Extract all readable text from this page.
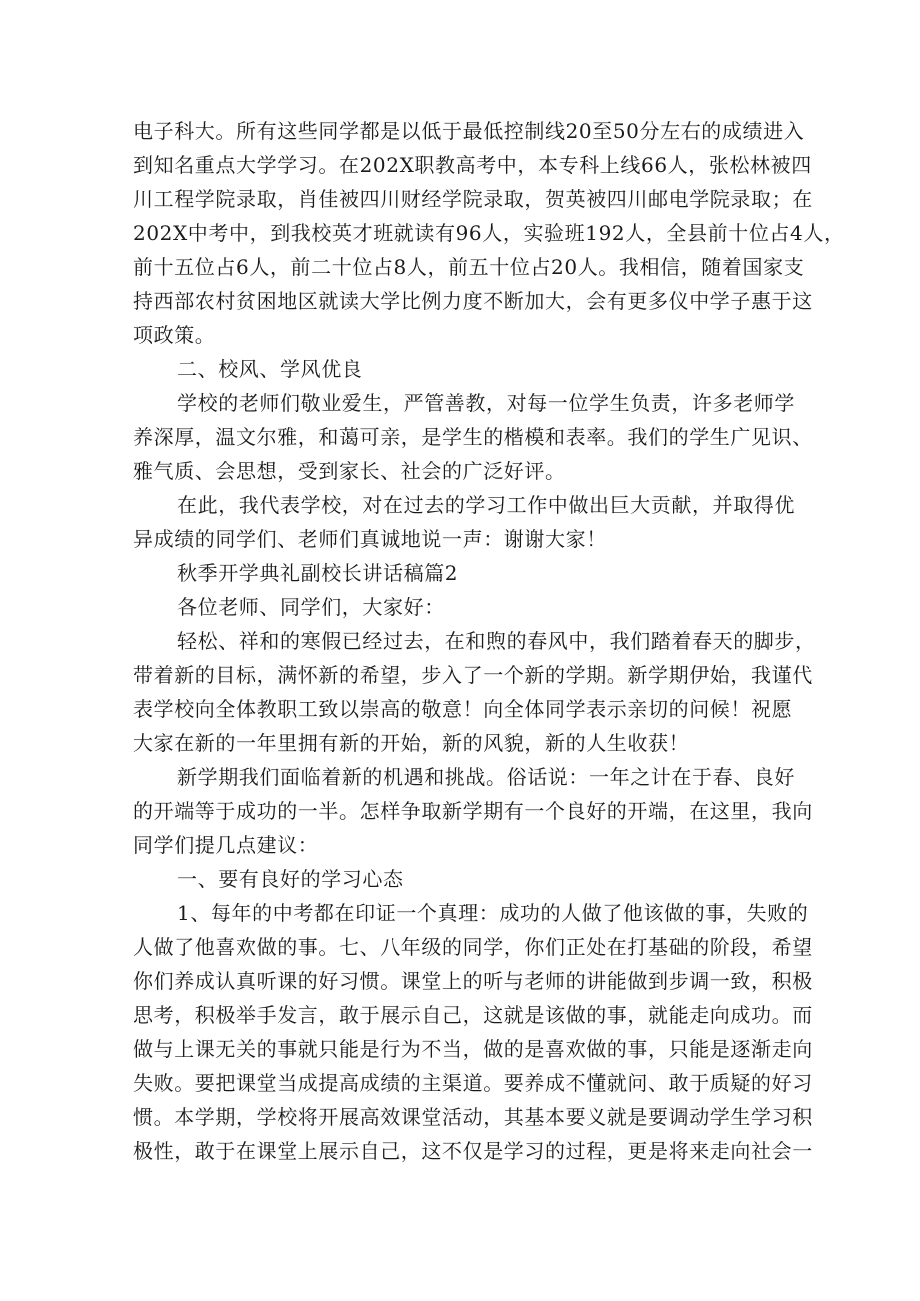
电子科大。所有这些同学都是以低于最低控制线20至50分左右的成绩进入
到知名重点大学学习。在202X职教高考中，本专科上线66人，张松林被四
川工程学院录取，肖佳被四川财经学院录取，贺英被四川邮电学院录取；在
202X中考中，到我校英才班就读有96人，实验班192人，全县前十位占4人，
前十五位占6人，前二十位占8人，前五十位占20人。我相信，随着国家支
持西部农村贫困地区就读大学比例力度不断加大，会有更多仪中学子惠于这
项政策。
二、校风、学风优良
学校的老师们敬业爱生，严管善教，对每一位学生负责，许多老师学
养深厚，温文尔雅，和蔼可亲，是学生的楷模和表率。我们的学生广见识、
雅气质、会思想，受到家长、社会的广泛好评。
在此，我代表学校，对在过去的学习工作中做出巨大贡献，并取得优
异成绩的同学们、老师们真诚地说一声：谢谢大家！
秋季开学典礼副校长讲话稿篇2
各位老师、同学们，大家好：
轻松、祥和的寒假已经过去，在和煦的春风中，我们踏着春天的脚步，
带着新的目标，满怀新的希望，步入了一个新的学期。新学期伊始，我谨代
表学校向全体教职工致以崇高的敬意！向全体同学表示亲切的问候！祝愿
大家在新的一年里拥有新的开始，新的风貌，新的人生收获！
新学期我们面临着新的机遇和挑战。俗话说：一年之计在于春、良好
的开端等于成功的一半。怎样争取新学期有一个良好的开端，在这里，我向
同学们提几点建议：
一、要有良好的学习心态
1、每年的中考都在印证一个真理：成功的人做了他该做的事，失败的
人做了他喜欢做的事。七、八年级的同学，你们正处在打基础的阶段，希望
你们养成认真听课的好习惯。课堂上的听与老师的讲能做到步调一致，积极
思考，积极举手发言，敢于展示自己，这就是该做的事，就能走向成功。而
做与上课无关的事就只能是行为不当，做的是喜欢做的事，只能是逐渐走向
失败。要把课堂当成提高成绩的主渠道。要养成不懂就问、敢于质疑的好习
惯。本学期，学校将开展高效课堂活动，其基本要义就是要调动学生学习积
极性，敢于在课堂上展示自己，这不仅是学习的过程，更是将来走向社会一
